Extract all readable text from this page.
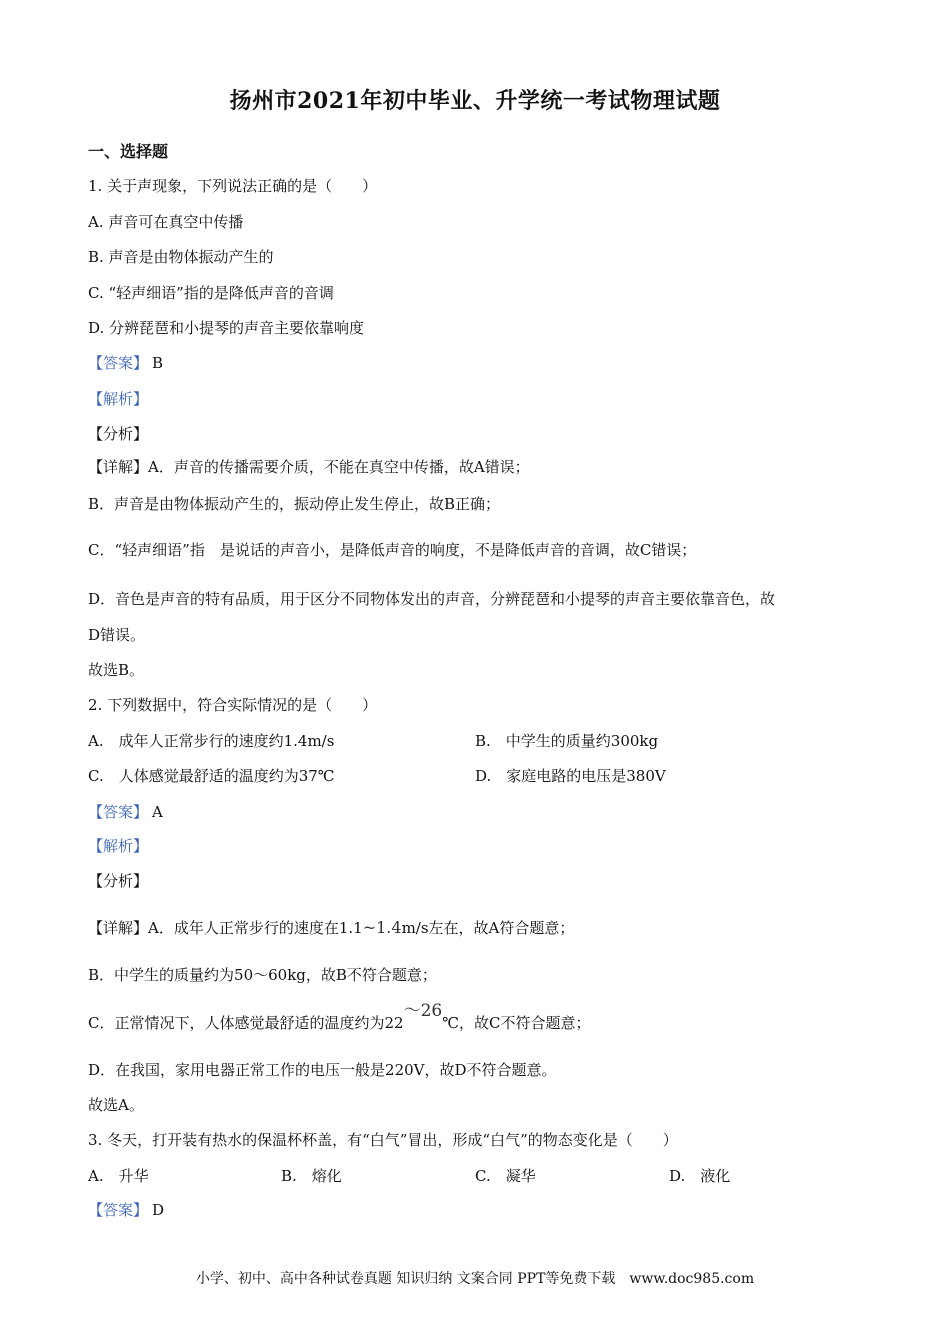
扬州市2021年初中毕业、升学统一考试物理试题
一、选择题
1. 关于声现象，下列说法正确的是（　　）
A. 声音可在真空中传播
B. 声音是由物体振动产生的
C. “轻声细语”指的是降低声音的音调
D. 分辨琵琶和小提琴的声音主要依靠响度
【答案】 B
【解析】
【分析】
【详解】A．声音的传播需要介质，不能在真空中传播，故A错误；
B．声音是由物体振动产生的，振动停止发生停止，故B正确；
C．“轻声细语”指　是说话的声音小，是降低声音的响度，不是降低声音的音调，故C错误；
D．音色是声音的特有品质，用于区分不同物体发出的声音，分辨琵琶和小提琴的声音主要依靠音色，故
D错误。
故选B。
2. 下列数据中，符合实际情况的是（　　）
A.　成年人正常步行的速度约1.4m/s	B.　中学生的质量约300kg
C.　人体感觉最舒适的温度约为37℃	D.　家庭电路的电压是380V
【答案】 A
【解析】
【分析】
【详解】A．成年人正常步行的速度在1.1~1.4m/s左在，故A符合题意；
B．中学生的质量约为50～60kg，故B不符合题意；
C．正常情况下，人体感觉最舒适的温度约为22～26℃，故C不符合题意；
D．在我国，家用电器正常工作的电压一般是220V，故D不符合题意。
故选A。
3. 冬天，打开装有热水的保温杯杯盖，有“白气”冒出，形成“白气”的物态变化是（　　）
A.　升华	B.　熔化	C.　凝华	D.　液化
【答案】 D
小学、初中、高中各种试卷真题 知识归纳 文案合同 PPT等免费下载　www.doc985.com
